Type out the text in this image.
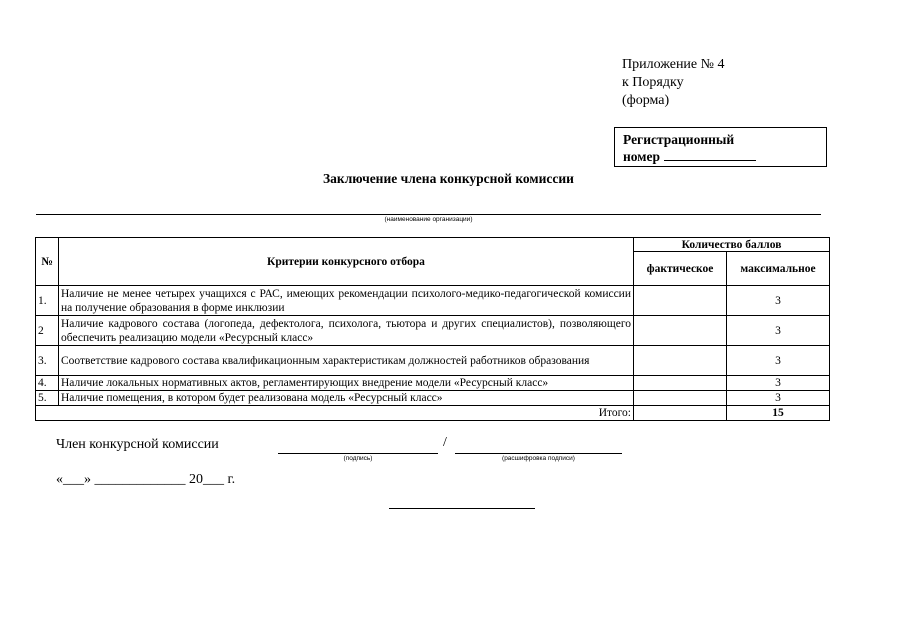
Приложение № 4
к Порядку
(форма)
Регистрационный
номер
Заключение члена конкурсной комиссии
(наименование организации)
№	Критерии конкурсного отбора	Количество баллов	
		фактическое	максимальное
1.	Наличие не менее четырех учащихся с РАС, имеющих рекомендации психолого-медико-педагогической комиссии на получение образования в форме инклюзии		3
2	Наличие кадрового состава (логопеда, дефектолога, психолога, тьютора и других специалистов), позволяющего обеспечить реализацию модели «Ресурсный класс»		3
3.	Соответствие кадрового состава квалификационным характеристикам должностей работников образования		3
4.	Наличие локальных нормативных актов, регламентирующих внедрение модели «Ресурсный класс»		3
5.	Наличие помещения, в котором будет реализована модель «Ресурсный класс»		3
	Итого:		15
Член конкурсной комиссии	/
(подпись)	(расшифровка подписи)
«___» _____________ 20___ г.
